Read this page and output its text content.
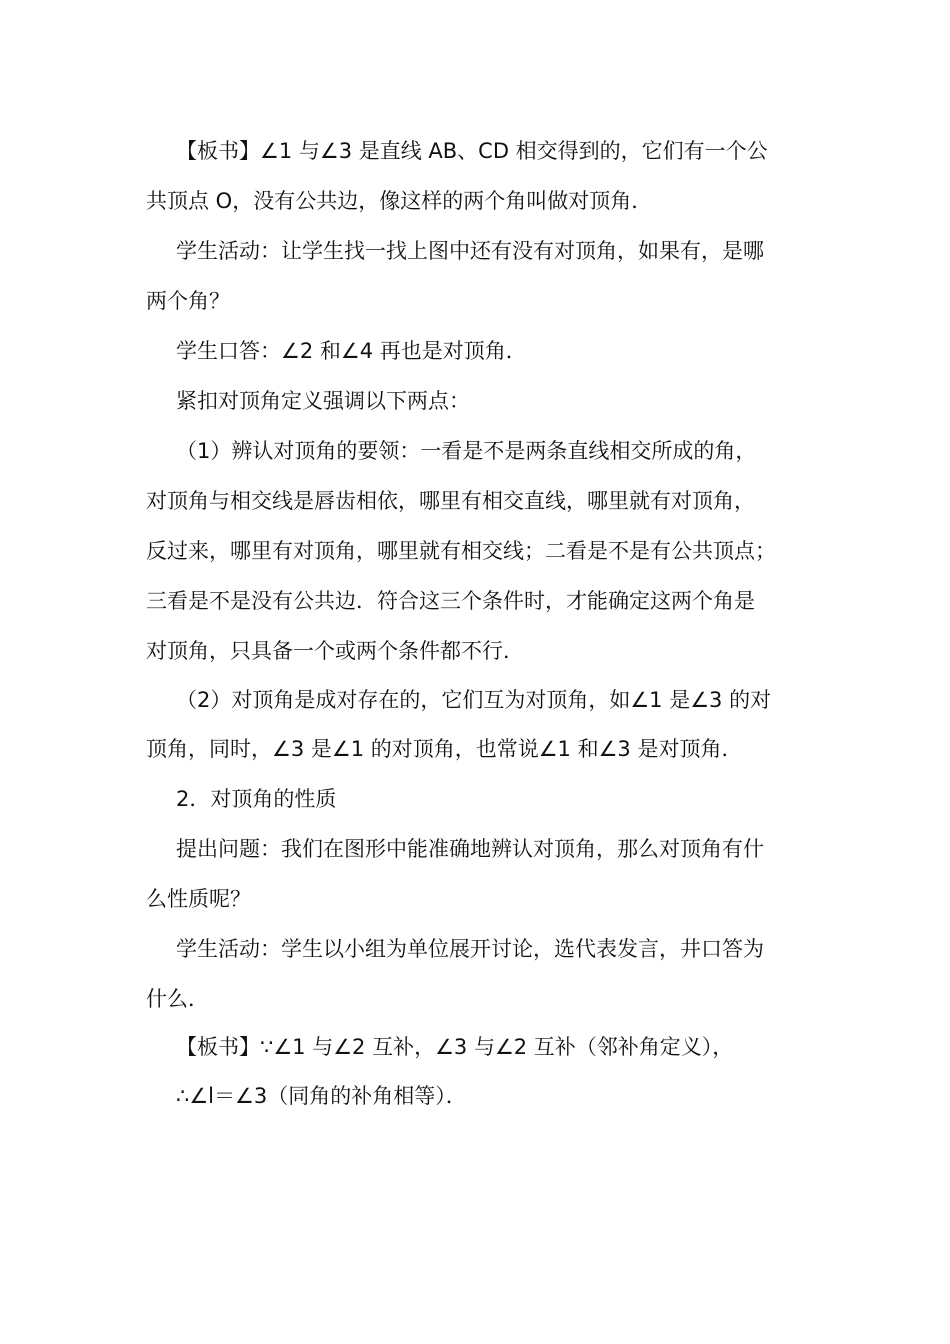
【板书】∠1 与∠3 是直线 AB、CD 相交得到的，它们有一个公
共顶点 O，没有公共边，像这样的两个角叫做对顶角．
学生活动：让学生找一找上图中还有没有对顶角，如果有，是哪
两个角？
学生口答：∠2 和∠4 再也是对顶角．
紧扣对顶角定义强调以下两点：
（1）辨认对顶角的要领：一看是不是两条直线相交所成的角，
对顶角与相交线是唇齿相依，哪里有相交直线，哪里就有对顶角，
反过来，哪里有对顶角，哪里就有相交线；二看是不是有公共顶点；
三看是不是没有公共边．符合这三个条件时，才能确定这两个角是
对顶角，只具备一个或两个条件都不行．
（2）对顶角是成对存在的，它们互为对顶角，如∠1 是∠3 的对
顶角，同时，∠3 是∠1 的对顶角，也常说∠1 和∠3 是对顶角．
2．对顶角的性质
提出问题：我们在图形中能准确地辨认对顶角，那么对顶角有什
么性质呢？
学生活动：学生以小组为单位展开讨论，选代表发言，井口答为
什么．
【板书】∵∠1 与∠2 互补，∠3 与∠2 互补（邻补角定义），
∴∠l＝∠3（同角的补角相等）．
